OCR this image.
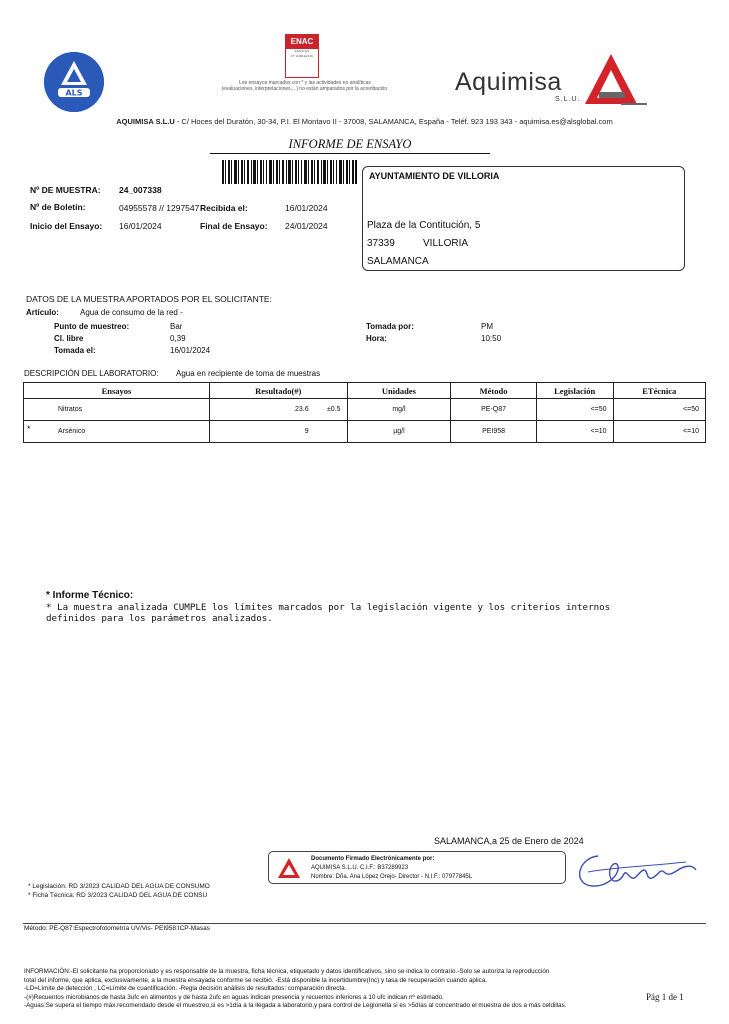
ALS
ENAC
ENSAYOS
Nº 1118/LE2136
Los ensayos marcados con * y las actividades no analíticas
(evaluaciones, interpretaciones,...) no están amparados por la acreditación.	Aquimisa
S.L.U.
AQUIMISA S.L.U - C/ Hoces del Duratón, 30-34, P.I. El Montavo II - 37008, SALAMANCA, España - Teléf. 923 193 343 - aquimisa.es@alsglobal.com
INFORME DE ENSAYO
Nº DE MUESTRA: 24_007338
Nº de Boletín:	04955578 // 1297547 Recibida el:	16/01/2024
Inicio del Ensayo: 16/01/2024	Final de Ensayo: 24/01/2024
AYUNTAMIENTO DE VILLORIA
Plaza de la Contitución, 5
37339	VILLORIA
SALAMANCA
DATOS DE LA MUESTRA APORTADOS POR EL SOLICITANTE:
Artículo:	Agua de consumo de la red -
Punto de muestreo:	Bar	Tomada por:	PM
Cl. libre	0,39	Hora:	10:50
Tomada el:	16/01/2024
DESCRIPCIÓN DEL LABORATORIO: Agua en recipiente de toma de muestras
Ensayos	Resultado(#)	Unidades	Método	Legislación	ETécnica

Nitratos	23.6 ±0.5	mg/l	PE-Q87	<=50	<=50

* Arsénico	9	µg/l	PEI958	<=10	<=10
* Informe Técnico:
* La muestra analizada CUMPLE los límites marcados por la legislación vigente y los criterios internos
definidos para los parámetros analizados.
SALAMANCA,a 25 de Enero de 2024
Documento Firmado Electrónicamente por:
AQUIMISA S.L.U. C.I.F.: B37289923
Nombre: Dña. Ana López Orejo- Director - N.I.F.: 07977845L
* Legislación: RD 3/2023 CALIDAD DEL AGUA DE CONSUMO
* Ficha Técnica: RD 3/2023 CALIDAD DEL AGUA DE CONSU
Método: PE-Q87:Espectrofotometría UV/Vis- PEI958:ICP-Masas
INFORMACIÓN:-El solicitante ha proporcionado y es responsable de la muestra, ficha técnica, etiquetado y datos identificativos, sino se indica lo contrario.-Solo se autoriza la reproducción
total del informe, que aplica, exclusivamente, a la muestra ensayada conforme se recibió. -Está disponible la incertidumbre(Inc) y tasa de recuperación cuando aplica.
-LD=Límite de detección , LC=Límite de cuantificación. -Regla decisión análisis de resultados: comparación directa.
-(#)Recuentos microbianos de hasta 3ufc en alimentos y de hasta 2ufc en aguas indican presencia y recuentos inferiores a 10 ufc indican nº estimado.
-Aguas:Se supera el tiempo máx.recomendado desde el muestreo,si es >1día a la llegada a laboratorio,y para control de Legionella si es >5días al concentrado el muestra de dos a más celdillas.
Pág 1 de 1
